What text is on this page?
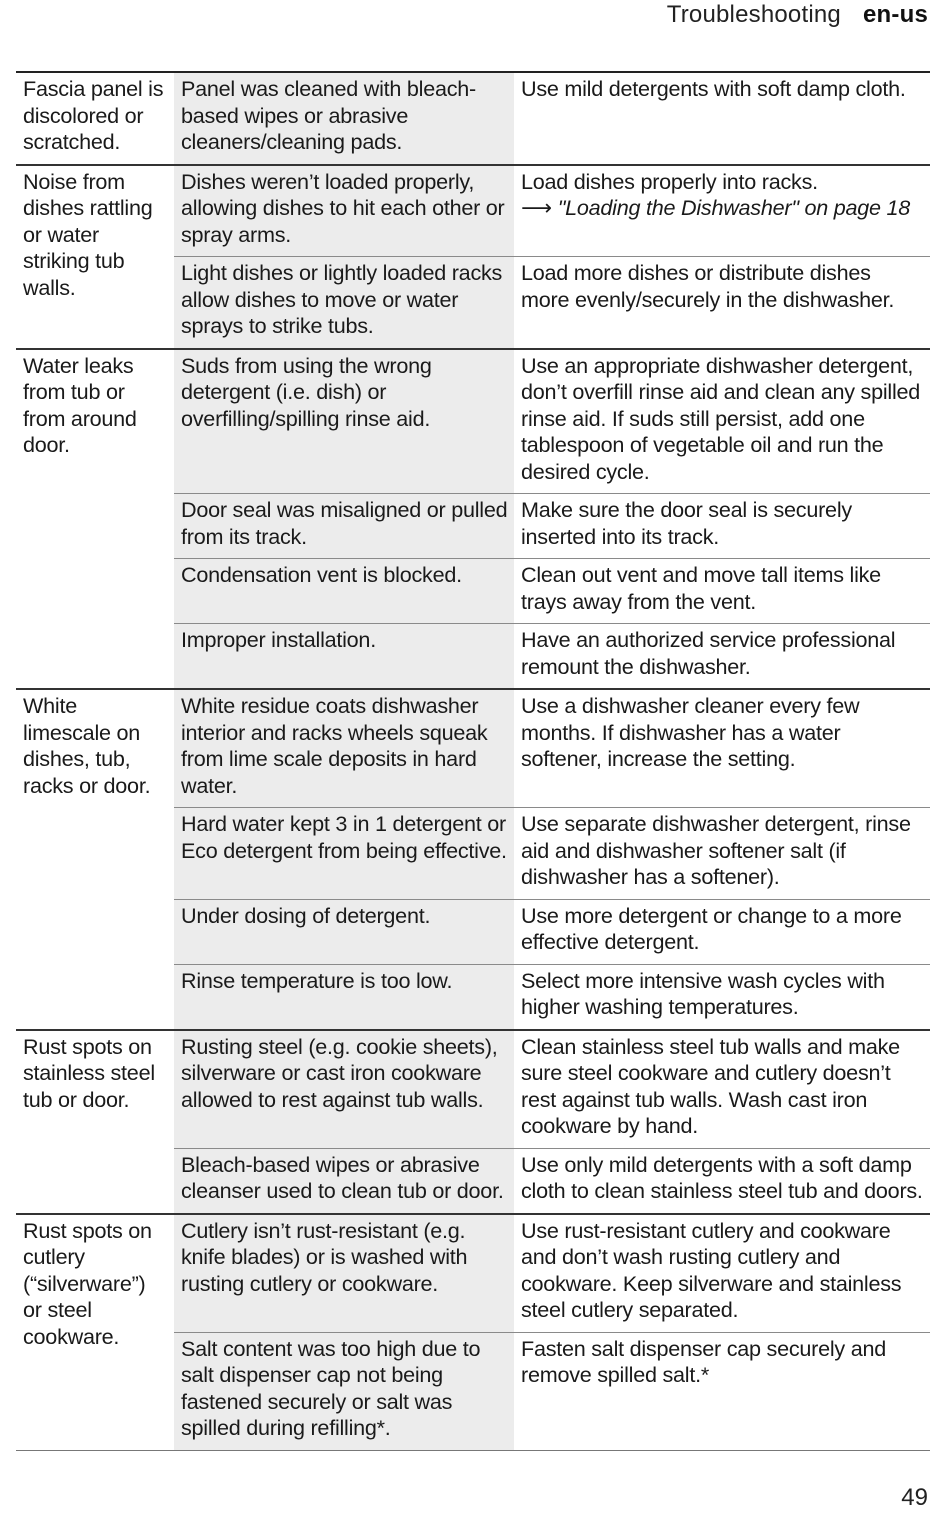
Troubleshooting en-us
Fascia panel is discolored or scratched.	Panel was cleaned with bleach-based wipes or abrasive cleaners/cleaning pads.	Use mild detergents with soft damp cloth.
Noise from dishes rattling or water striking tub walls.	Dishes weren’t loaded properly, allowing dishes to hit each other or spray arms.	Load dishes properly into racks.
⟶ "Loading the Dishwasher" on page 18
	Light dishes or lightly loaded racks allow dishes to move or water sprays to strike tubs.	Load more dishes or distribute dishes more evenly/securely in the dishwasher.
Water leaks from tub or from around door.	Suds from using the wrong detergent (i.e. dish) or overfilling/spilling rinse aid.	Use an appropriate dishwasher detergent, don’t overfill rinse aid and clean any spilled rinse aid. If suds still persist, add one tablespoon of vegetable oil and run the desired cycle.
	Door seal was misaligned or pulled from its track.	Make sure the door seal is securely inserted into its track.
	Condensation vent is blocked.	Clean out vent and move tall items like trays away from the vent.
	Improper installation.	Have an authorized service professional remount the dishwasher.
White limescale on dishes, tub, racks or door.	White residue coats dishwasher interior and racks wheels squeak from lime scale deposits in hard water.	Use a dishwasher cleaner every few months. If dishwasher has a water softener, increase the setting.
	Hard water kept 3 in 1 detergent or Eco detergent from being effective.	Use separate dishwasher detergent, rinse aid and dishwasher softener salt (if dishwasher has a softener).
	Under dosing of detergent.	Use more detergent or change to a more effective detergent.
	Rinse temperature is too low.	Select more intensive wash cycles with higher washing temperatures.
Rust spots on stainless steel tub or door.	Rusting steel (e.g. cookie sheets), silverware or cast iron cookware allowed to rest against tub walls.	Clean stainless steel tub walls and make sure steel cookware and cutlery doesn’t rest against tub walls. Wash cast iron cookware by hand.
	Bleach-based wipes or abrasive cleanser used to clean tub or door.	Use only mild detergents with a soft damp cloth to clean stainless steel tub and doors.
Rust spots on cutlery (“silverware”) or steel cookware.	Cutlery isn’t rust-resistant (e.g. knife blades) or is washed with rusting cutlery or cookware.	Use rust-resistant cutlery and cookware and don’t wash rusting cutlery and cookware. Keep silverware and stainless steel cutlery separated.
	Salt content was too high due to salt dispenser cap not being fastened securely or salt was spilled during refilling*.	Fasten salt dispenser cap securely and remove spilled salt.*
49
